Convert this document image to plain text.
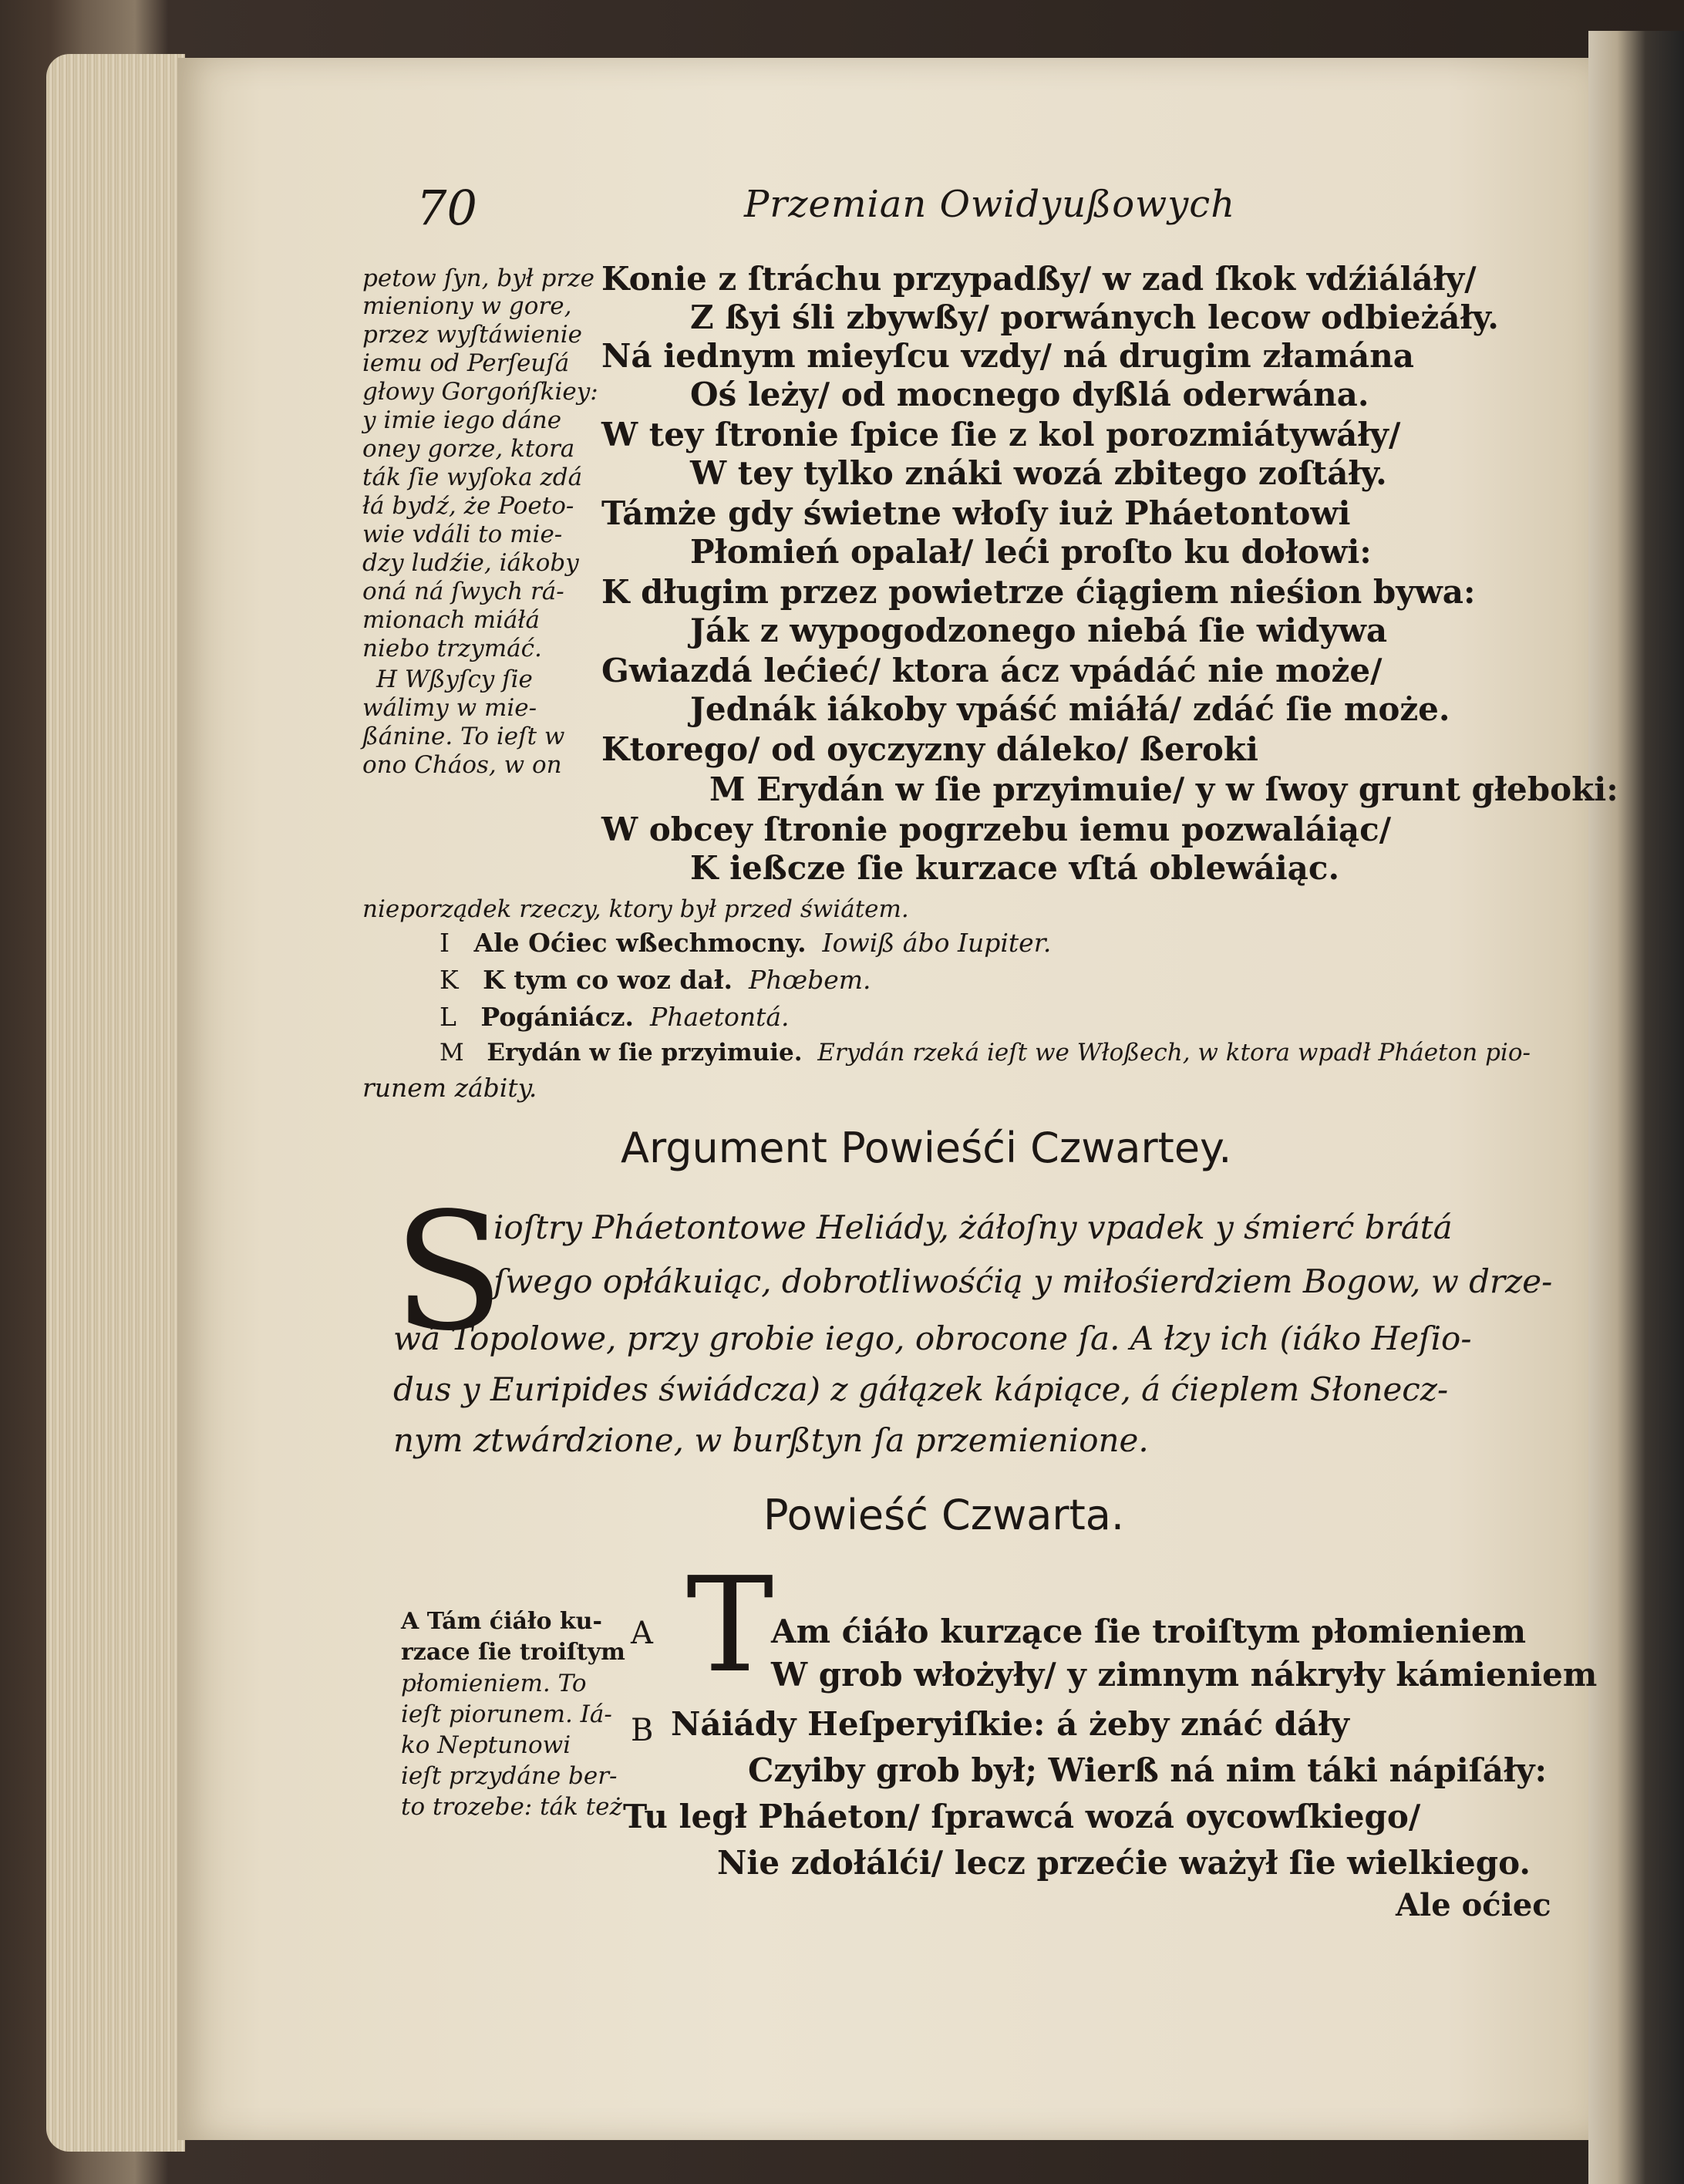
70	Przemian Owidyußowych
petow ſyn, był prze
mieniony w gore,
przez wyſtáwienie
iemu od Perſeuſá
głowy Gorgońſkiey:
y imie iego dáne
oney gorze, ktora
ták ſie wyſoka zdá
łá bydź, że Poeto-
wie vdáli to mie-
dzy ludźie, iákoby
oná ná ſwych rá-
mionach miáłá
niebo trzymáć.
H Wßyſcy ſie
wálimy w mie-
ßánine. To ieſt w
ono Cháos, w on
Konie z ſtráchu przypadßy/ w zad ſkok vdźiáláły/
Z ßyi śli zbywßy/ porwánych lecow odbieżáły.
Ná iednym mieyſcu vzdy/ ná drugim złamána
Oś leży/ od mocnego dyßlá oderwána.
W tey ſtronie ſpice ſie z kol porozmiátywáły/
W tey tylko znáki wozá zbitego zoſtáły.
Támże gdy świetne włoſy iuż Pháetontowi
Płomień opalał/ leći proſto ku dołowi:
K długim przez powietrze ćiągiem nieśion bywa:
Ják z wypogodzonego niebá ſie widywa
Gwiazdá lećieć/ ktora ácz vpádáć nie może/
Jednák iákoby vpáść miáłá/ zdáć ſie może.
Ktorego/ od oyczyzny dáleko/ ßeroki
M Erydán w ſie przyimuie/ y w ſwoy grunt głeboki:
W obcey ſtronie pogrzebu iemu pozwaláiąc/
K ießcze ſie kurzace vſtá oblewáiąc.
nieporządek rzeczy, ktory był przed świátem.
I Ale Oćiec wßechmocny. Iowiß ábo Iupiter.
K K tym co woz dał. Phœbem.
L Pogániácz. Phaetontá.
M Erydán w ſie przyimuie. Erydán rzeká ieſt we Włoßech, w ktora wpadł Pháeton pio-
runem zábity.
Argument Powieśći Czwartey.
S
ioſtry Pháetontowe Heliády, żáłoſny vpadek y śmierć brátá
ſwego opłákuiąc, dobrotliwośćią y miłośierdziem Bogow, w drze-
wá Topolowe, przy grobie iego, obrocone ſa. A łzy ich (iáko Heſio-
dus y Euripides świádcza) z gáłązek kápiące, á ćieplem Słonecz-
nym ztwárdzione, w burßtyn ſa przemienione.
Powieść Czwarta.
A Tám ćiáło ku-
rzace ſie troiſtym
płomieniem. To
ieſt piorunem. Iá-
ko Neptunowi
ieſt przydáne ber-
to trozebe: ták też
A
B
T
Am ćiáło kurzące ſie troiſtym płomieniem
W grob włożyły/ y zimnym nákryły kámieniem
Náiády Heſperyiſkie: á żeby znáć dáły
Czyiby grob był; Wierß ná nim táki nápiſáły:
Tu legł Pháeton/ ſprawcá wozá oycowſkiego/
Nie zdołálći/ lecz przećie ważył ſie wielkiego.
Ale oćiec
